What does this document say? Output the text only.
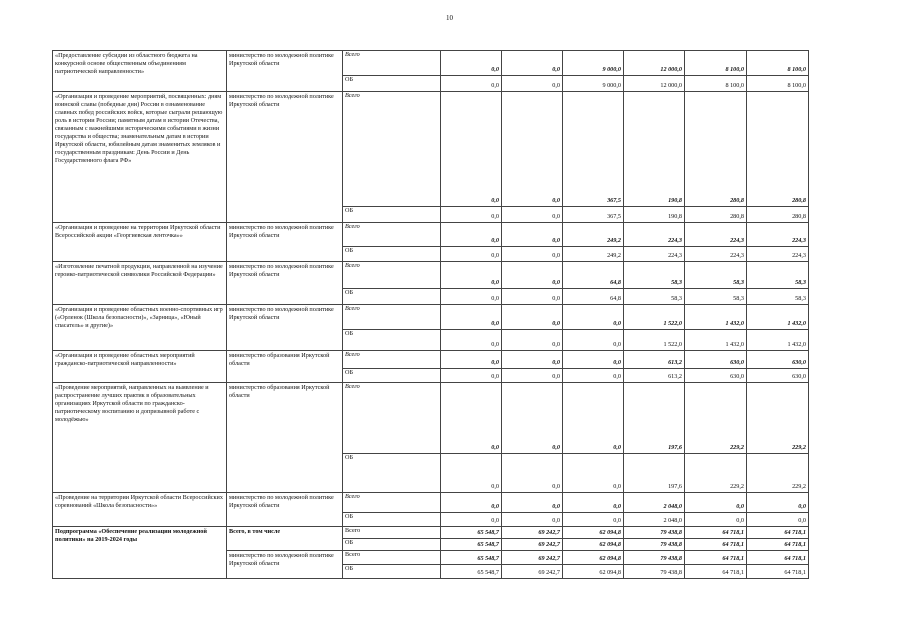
10
«Предоставление субсидии из областного бюджета на конкурсной основе общественным объединениям патриотической направленности»	министерство по молодежной политике Иркутской области	Всего	0,0	0,0	9 000,0	12 000,0	8 100,0	8 100,0
		ОБ	0,0	0,0	9 000,0	12 000,0	8 100,0	8 100,0
«Организация и проведение мероприятий, посвященных: дням воинской славы (победные дни) России в ознаменование славных побед российских войск, которые сыграли решающую роль в истории России; памятным датам в истории Отечества, связанным с важнейшими историческими событиями в жизни государства и общества; знаменательным датам в истории Иркутской области, юбилейным датам знаменитых земляков и государственным праздникам: День России и День Государственного флага РФ»	министерство по молодежной политике Иркутской области	Всего	0,0	0,0	367,5	190,8	280,8	280,8
		ОБ	0,0	0,0	367,5	190,8	280,8	280,8
«Организация и проведение на территории Иркутской области Всероссийской акции «Георгиевская ленточка»»	министерство по молодежной политике Иркутской области	Всего	0,0	0,0	249,2	224,3	224,3	224,3
		ОБ	0,0	0,0	249,2	224,3	224,3	224,3
«Изготовление печатной продукции, направленной на изучение героико-патриотической символики Российской Федерации»	министерство по молодежной политике Иркутской области	Всего	0,0	0,0	64,8	58,3	58,3	58,3
		ОБ	0,0	0,0	64,8	58,3	58,3	58,3
«Организация и проведение областных военно-спортивных игр («Орленок (Школа безопасности)», «Зарница», «Юный спасатель» и другие)»	министерство по молодежной политике Иркутской области	Всего	0,0	0,0	0,0	1 522,0	1 432,0	1 432,0
		ОБ	0,0	0,0	0,0	1 522,0	1 432,0	1 432,0
«Организация и проведение областных мероприятий гражданско-патриотической направленности»	министерство образования Иркутской области	Всего	0,0	0,0	0,0	613,2	630,0	630,0
		ОБ	0,0	0,0	0,0	613,2	630,0	630,0
«Проведение мероприятий, направленных на выявление и распространение лучших практик в образовательных организациях Иркутской области по гражданско-патриотическому воспитанию и допризывной работе с молодёжью»	министерство образования Иркутской области	Всего	0,0	0,0	0,0	197,6	229,2	229,2
		ОБ	0,0	0,0	0,0	197,6	229,2	229,2
«Проведение на территории Иркутской области Всероссийских соревнований «Школа безопасности»»	министерство по молодежной политике Иркутской области	Всего	0,0	0,0	0,0	2 048,0	0,0	0,0
		ОБ	0,0	0,0	0,0	2 048,0	0,0	0,0
Подпрограмма «Обеспечение реализации молодежной политики» на 2019-2024 годы	Всего, в том числе	Всего	65 548,7	69 242,7	62 094,8	79 438,8	64 718,1	64 718,1
		ОБ	65 548,7	69 242,7	62 094,8	79 438,8	64 718,1	64 718,1
	министерство по молодежной политике Иркутской области	Всего	65 548,7	69 242,7	62 094,8	79 438,8	64 718,1	64 718,1
		ОБ	65 548,7	69 242,7	62 094,8	79 438,8	64 718,1	64 718,1
